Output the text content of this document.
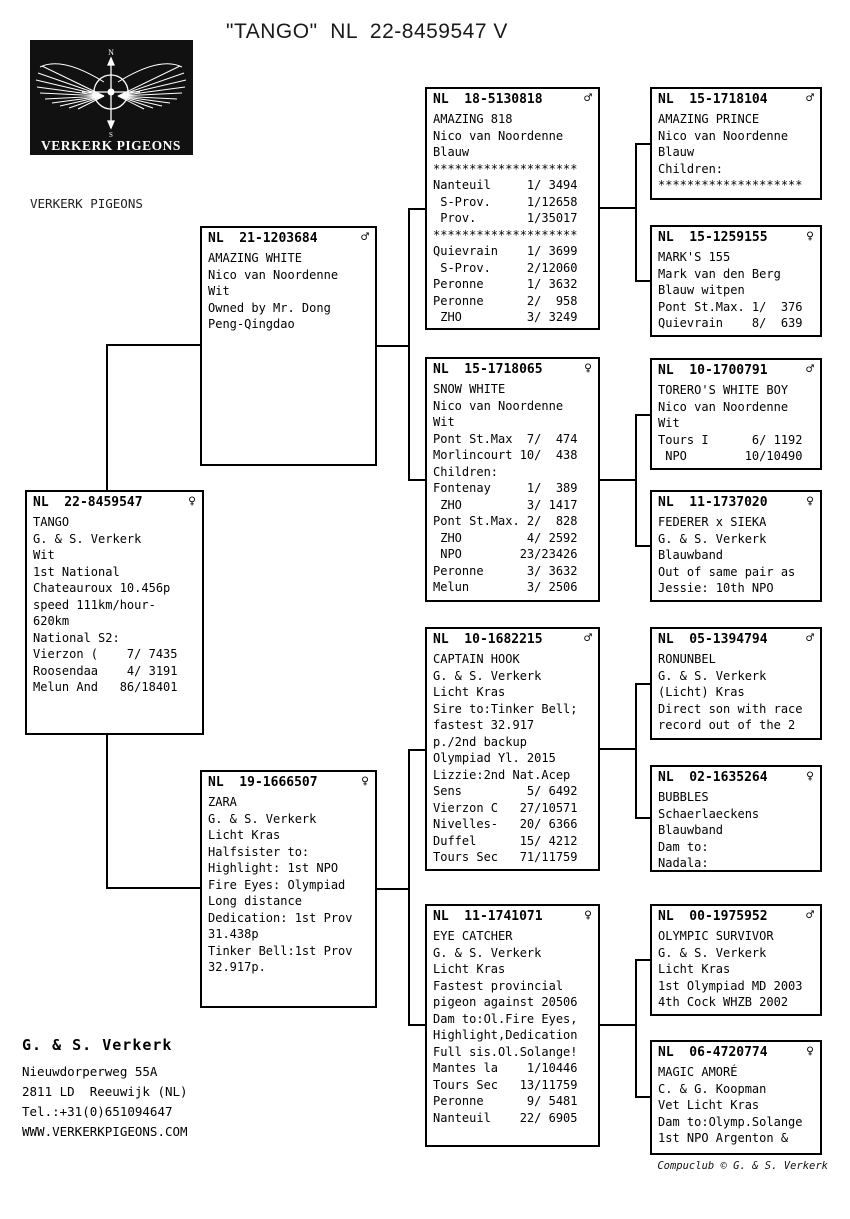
"TANGO"  NL  22-8459547 V
N
S
VERKERK PIGEONS
VERKERK PIGEONS
NL  22-8459547	♀
TANGO
G. & S. Verkerk
Wit
1st National
Chateauroux 10.456p
speed 111km/hour-
620km
National S2:
Vierzon (    7/ 7435
Roosendaa    4/ 3191
Melun And   86/18401
NL  21-1203684	♂
AMAZING WHITE
Nico van Noordenne
Wit
Owned by Mr. Dong
Peng-Qingdao
NL  19-1666507	♀
ZARA
G. & S. Verkerk
Licht Kras
Halfsister to:
Highlight: 1st NPO
Fire Eyes: Olympiad
Long distance
Dedication: 1st Prov
31.438p
Tinker Bell:1st Prov
32.917p.
NL  18-5130818	♂
AMAZING 818
Nico van Noordenne
Blauw
********************
Nanteuil     1/ 3494
S-Prov.     1/12658
Prov.       1/35017
********************
Quievrain    1/ 3699
S-Prov.     2/12060
Peronne      1/ 3632
Peronne      2/  958
ZHO         3/ 3249
NL  15-1718065	♀
SNOW WHITE
Nico van Noordenne
Wit
Pont St.Max  7/  474
Morlincourt 10/  438
Children:
Fontenay     1/  389
ZHO         3/ 1417
Pont St.Max. 2/  828
ZHO         4/ 2592
NPO        23/23426
Peronne      3/ 3632
Melun        3/ 2506
NL  10-1682215	♂
CAPTAIN HOOK
G. & S. Verkerk
Licht Kras
Sire to:Tinker Bell;
fastest 32.917
p./2nd backup
Olympiad Yl. 2015
Lizzie:2nd Nat.Acep
Sens         5/ 6492
Vierzon C   27/10571
Nivelles-   20/ 6366
Duffel      15/ 4212
Tours Sec   71/11759
NL  11-1741071	♀
EYE CATCHER
G. & S. Verkerk
Licht Kras
Fastest provincial
pigeon against 20506
Dam to:Ol.Fire Eyes,
Highlight,Dedication
Full sis.Ol.Solange!
Mantes la    1/10446
Tours Sec   13/11759
Peronne      9/ 5481
Nanteuil    22/ 6905
NL  15-1718104	♂
AMAZING PRINCE
Nico van Noordenne
Blauw
Children:
********************
NL  15-1259155	♀
MARK'S 155
Mark van den Berg
Blauw witpen
Pont St.Max. 1/  376
Quievrain    8/  639
NL  10-1700791	♂
TORERO'S WHITE BOY
Nico van Noordenne
Wit
Tours I      6/ 1192
NPO        10/10490
NL  11-1737020	♀
FEDERER x SIEKA
G. & S. Verkerk
Blauwband
Out of same pair as
Jessie: 10th NPO
NL  05-1394794	♂
RONUNBEL
G. & S. Verkerk
(Licht) Kras
Direct son with race
record out of the 2
NL  02-1635264	♀
BUBBLES
Schaerlaeckens
Blauwband
Dam to:
Nadala:
NL  00-1975952	♂
OLYMPIC SURVIVOR
G. & S. Verkerk
Licht Kras
1st Olympiad MD 2003
4th Cock WHZB 2002
NL  06-4720774	♀
MAGIC AMORÉ
C. & G. Koopman
Vet Licht Kras
Dam to:Olymp.Solange
1st NPO Argenton &
G. & S. Verkerk
Nieuwdorperweg 55A
2811 LD  Reeuwijk (NL)
Tel.:+31(0)651094647
WWW.VERKERKPIGEONS.COM
Compuclub © G. & S. Verkerk
